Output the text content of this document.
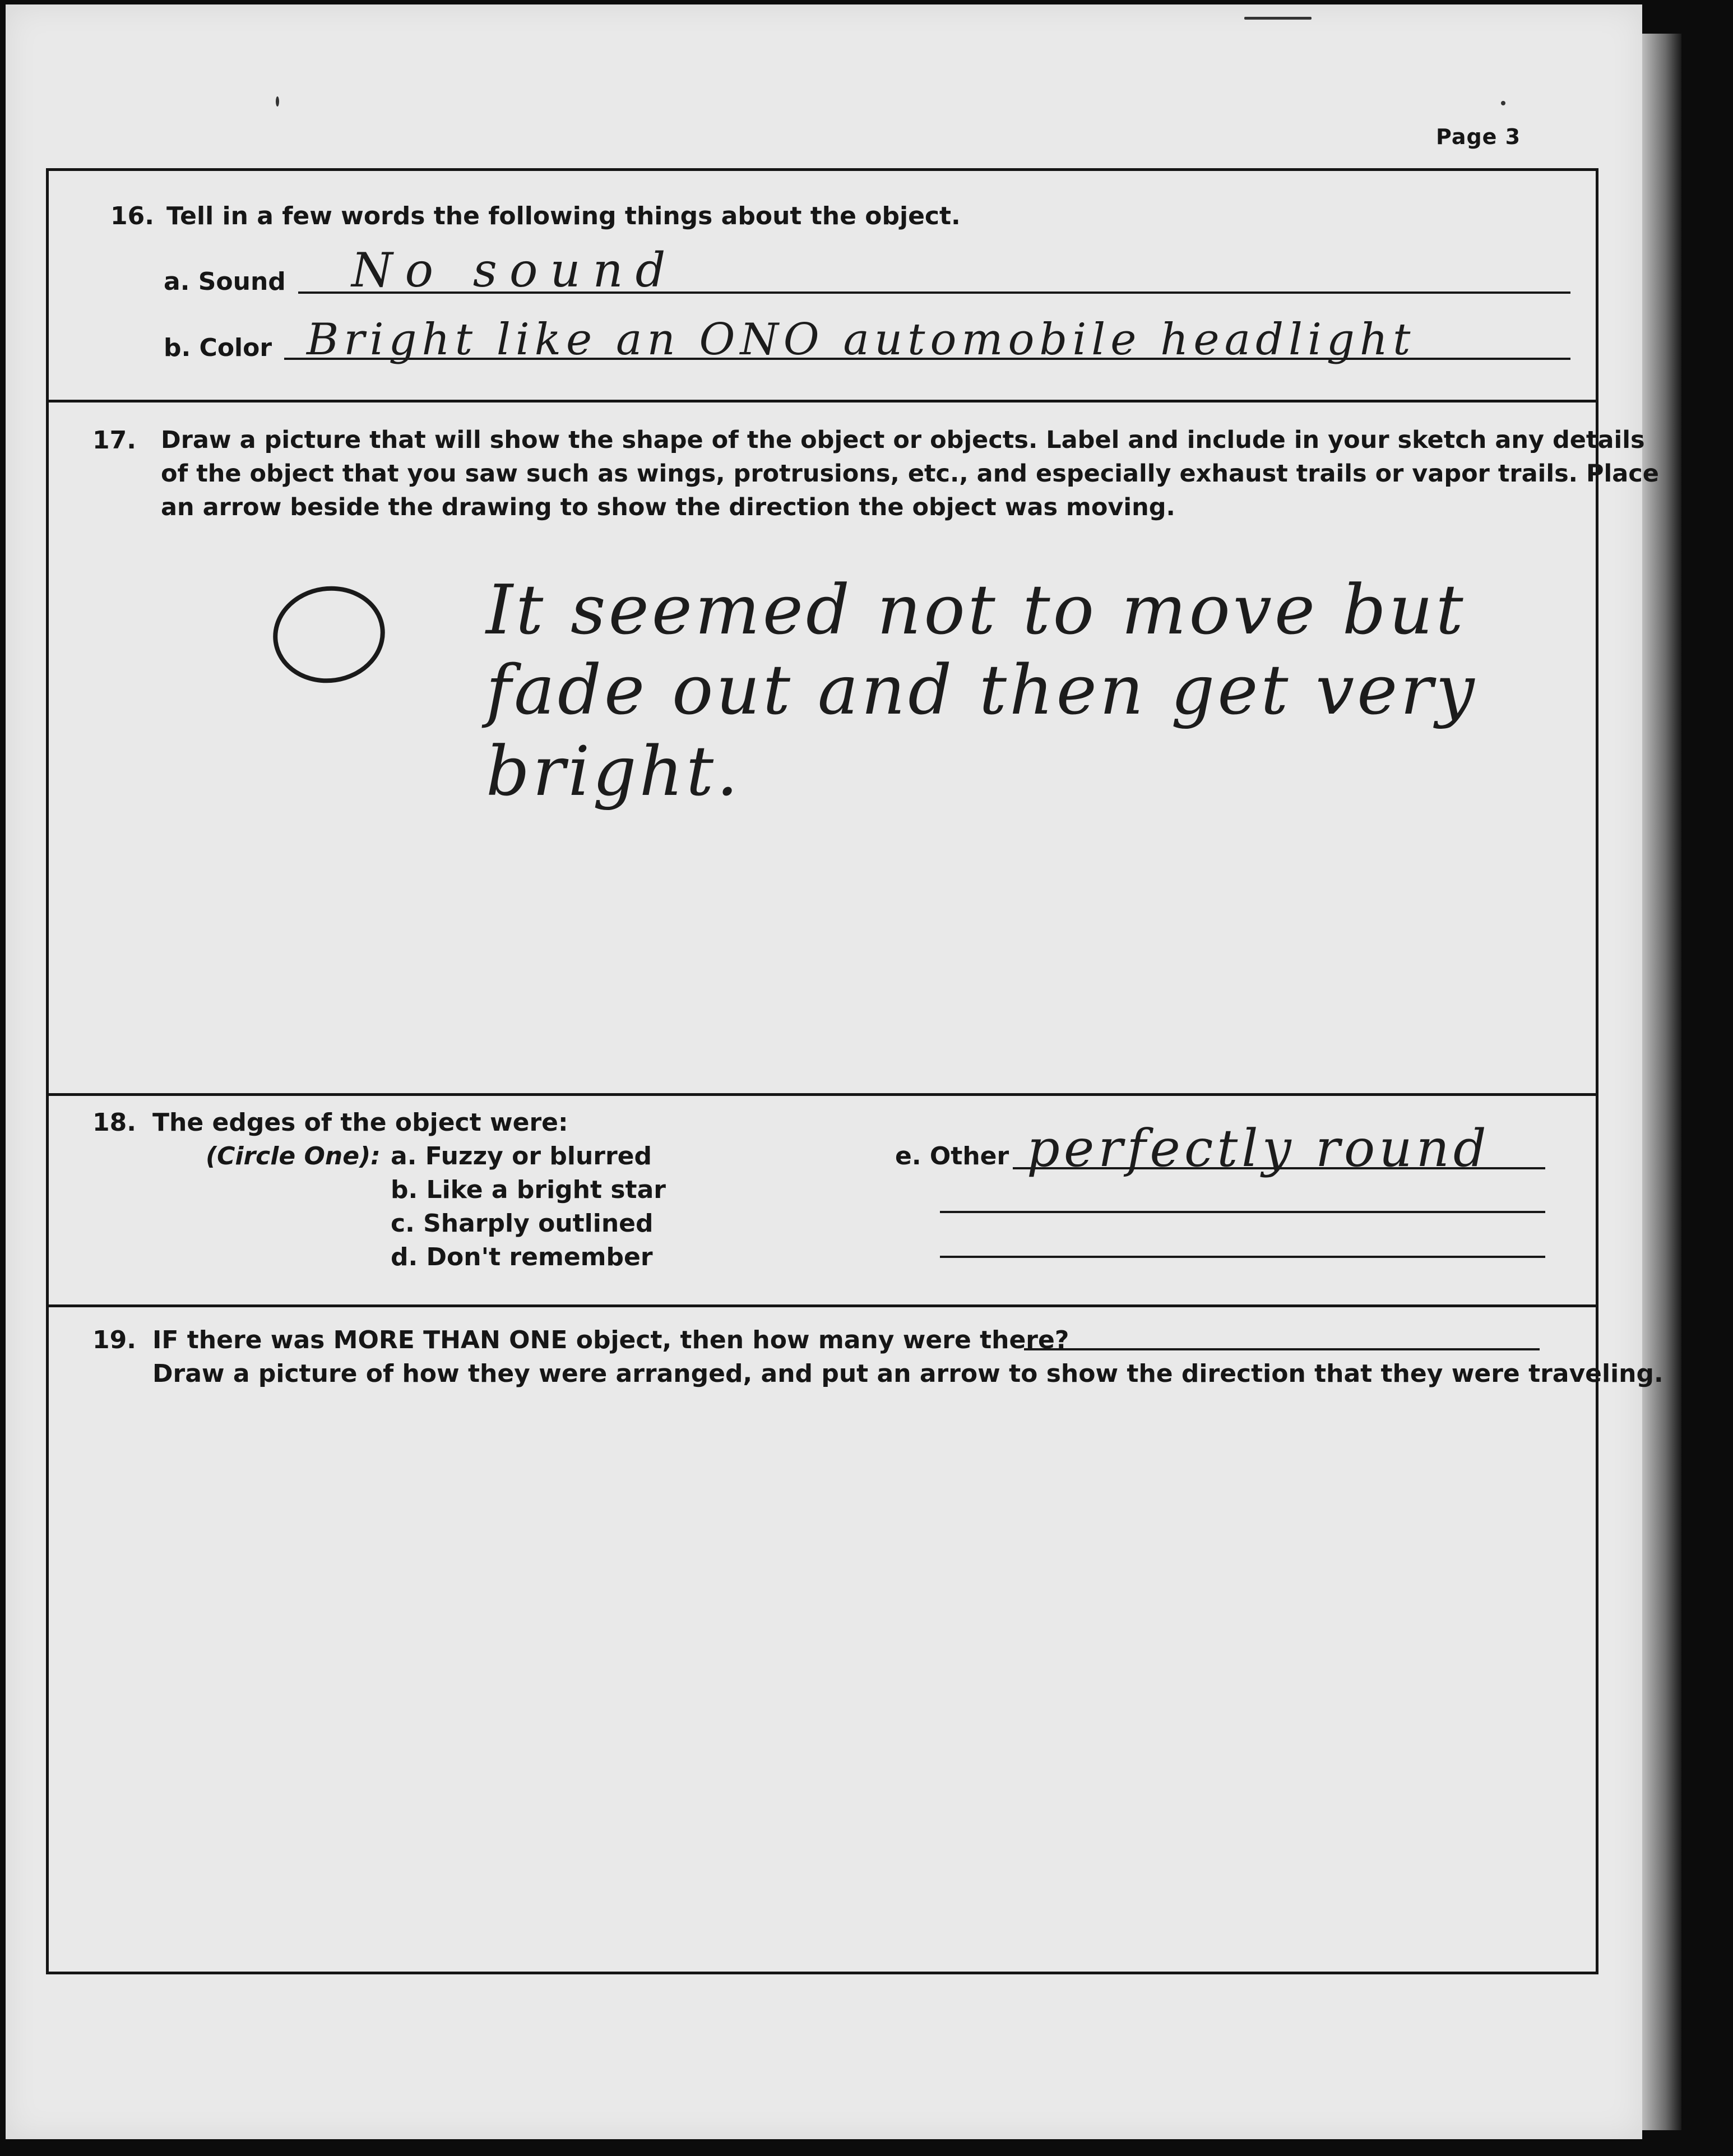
Page 3
16. Tell in a few words the following things about the object.
a. Sound No sound
b. Color Bright like an ONO automobile headlight
17. Draw a picture that will show the shape of the object or objects. Label and include in your sketch any details
of the object that you saw such as wings, protrusions, etc., and especially exhaust trails or vapor trails. Place
an arrow beside the drawing to show the direction the object was moving.
It seemed not to move but
fade out and then get very
bright.
18. The edges of the object were:
(Circle One): a. Fuzzy or blurred
b. Like a bright star
c. Sharply outlined
d. Don't remember
e. Other perfectly round
19. IF there was MORE THAN ONE object, then how many were there?
Draw a picture of how they were arranged, and put an arrow to show the direction that they were traveling.
